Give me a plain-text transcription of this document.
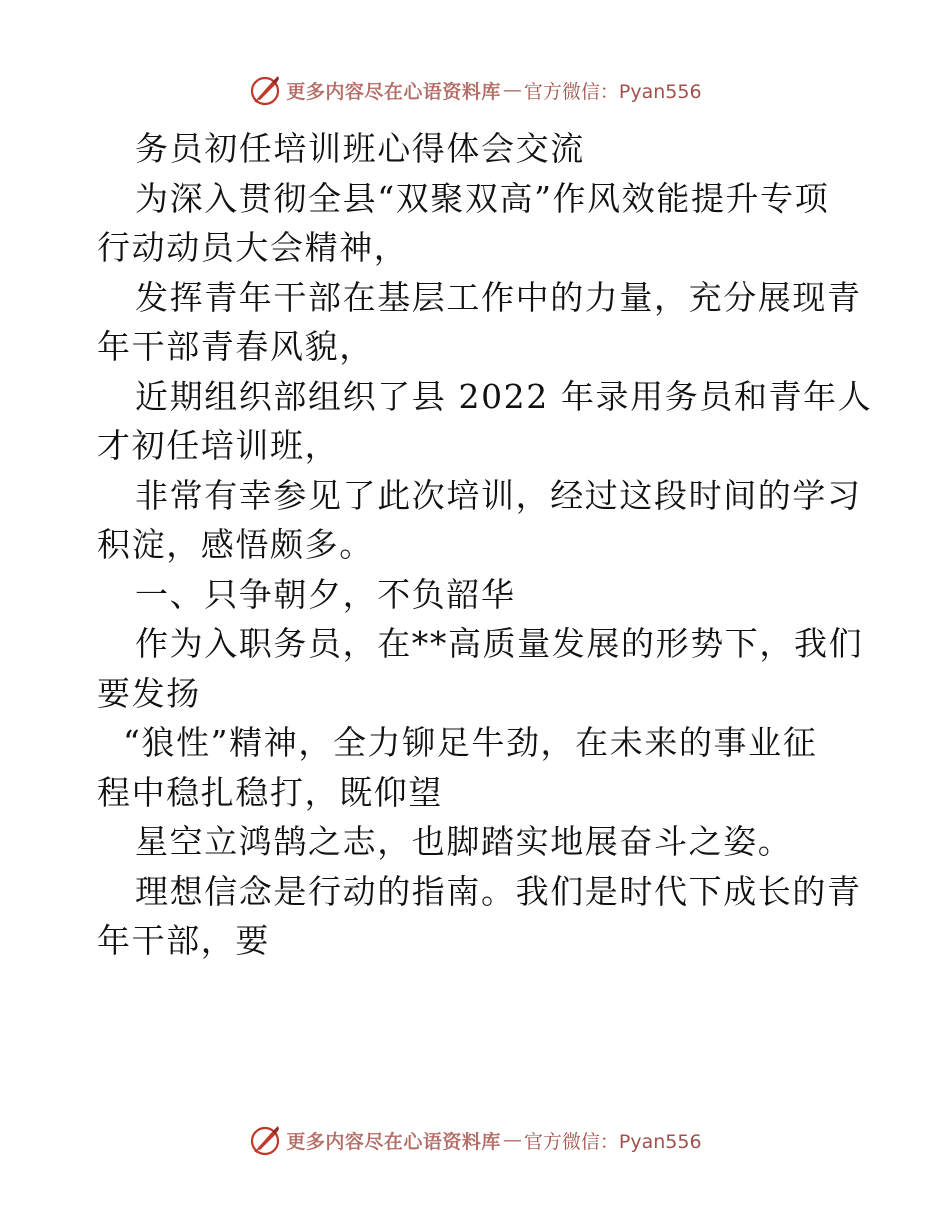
更多内容尽在心语资料库 — 官方微信：Pyan556
务员初任培训班心得体会交流
为深入贯彻全县“双聚双高”作风效能提升专项
行动动员大会精神，
发挥青年干部在基层工作中的力量，充分展现青
年干部青春风貌，
近期组织部组织了县 2022 年录用务员和青年人
才初任培训班，
非常有幸参见了此次培训，经过这段时间的学习
积淀，感悟颇多。
一、只争朝夕，不负韶华
作为入职务员，在**高质量发展的形势下，我们
要发扬
“狼性”精神，全力铆足牛劲，在未来的事业征
程中稳扎稳打，既仰望
星空立鸿鹄之志，也脚踏实地展奋斗之姿。
理想信念是行动的指南。我们是时代下成长的青
年干部，要
更多内容尽在心语资料库 — 官方微信：Pyan556
